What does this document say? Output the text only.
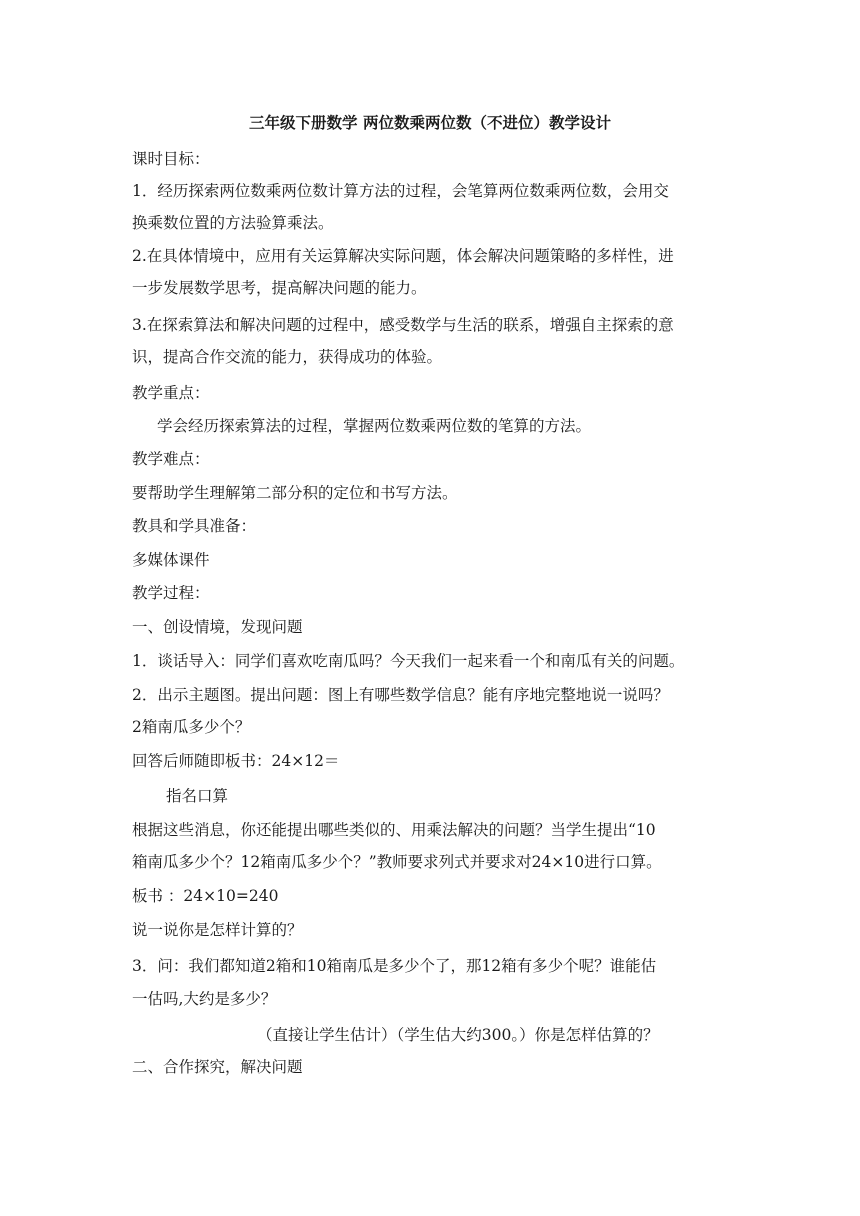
三年级下册数学 两位数乘两位数（不进位）教学设计
课时目标：
1．经历探索两位数乘两位数计算方法的过程，会笔算两位数乘两位数，会用交
换乘数位置的方法验算乘法。
2.在具体情境中，应用有关运算解决实际问题，体会解决问题策略的多样性，进
一步发展数学思考，提高解决问题的能力。
3.在探索算法和解决问题的过程中，感受数学与生活的联系，增强自主探索的意
识，提高合作交流的能力，获得成功的体验。
教学重点：
学会经历探索算法的过程，掌握两位数乘两位数的笔算的方法。
教学难点：
要帮助学生理解第二部分积的定位和书写方法。
教具和学具准备：
多媒体课件
教学过程：
一、创设情境，发现问题
1．谈话导入：同学们喜欢吃南瓜吗？今天我们一起来看一个和南瓜有关的问题。
2．出示主题图。提出问题：图上有哪些数学信息？能有序地完整地说一说吗？
2箱南瓜多少个？
回答后师随即板书：24×12＝
指名口算
根据这些消息，你还能提出哪些类似的、用乘法解决的问题？当学生提出“10
箱南瓜多少个？12箱南瓜多少个？”教师要求列式并要求对24×10进行口算。
板书 ：24×10=240
说一说你是怎样计算的？
3．问：我们都知道2箱和10箱南瓜是多少个了，那12箱有多少个呢？谁能估
一估吗,大约是多少？
（直接让学生估计）（学生估大约300。）你是怎样估算的？
二、合作探究，解决问题
